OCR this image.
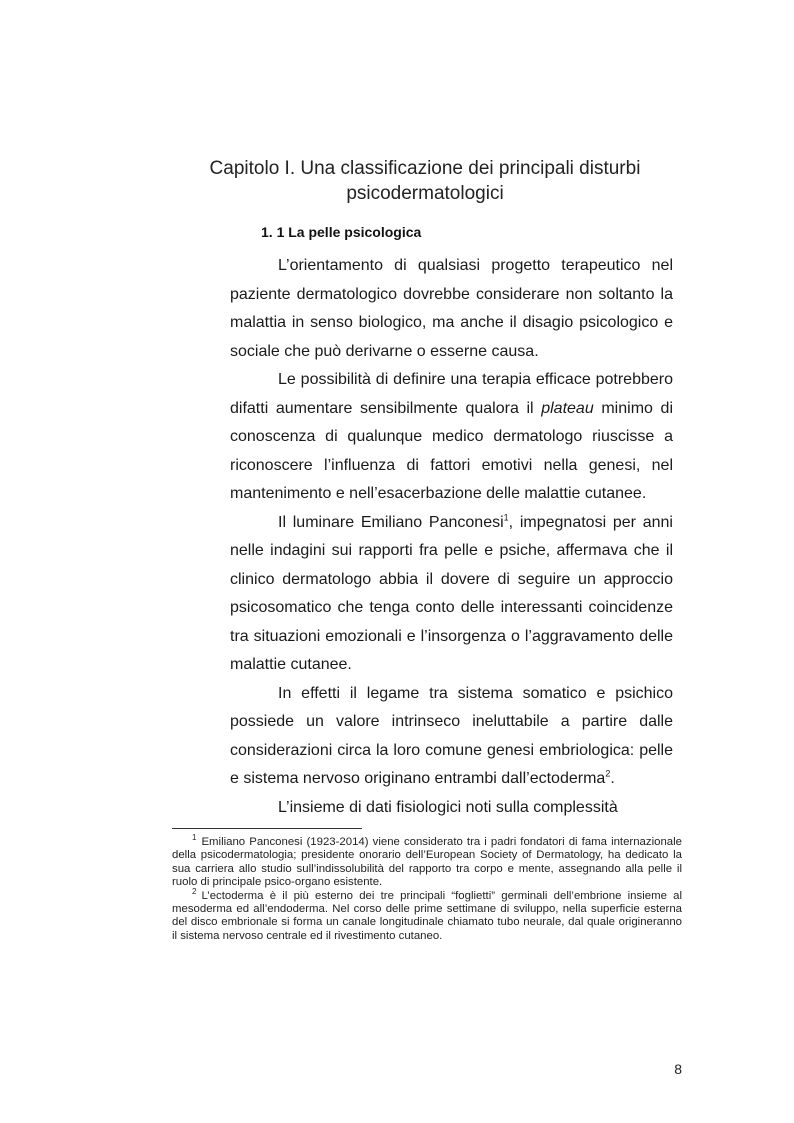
Capitolo I. Una classificazione dei principali disturbi
psicodermatologici
1. 1 La pelle psicologica

L’orientamento di qualsiasi progetto terapeutico nel paziente dermatologico dovrebbe considerare non soltanto la malattia in senso biologico, ma anche il disagio psicologico e sociale che può derivarne o esserne causa.

Le possibilità di definire una terapia efficace potrebbero difatti aumentare sensibilmente qualora il plateau minimo di conoscenza di qualunque medico dermatologo riuscisse a riconoscere l’influenza di fattori emotivi nella genesi, nel mantenimento e nell’esacerbazione delle malattie cutanee.

Il luminare Emiliano Panconesi$^1$, impegnatosi per anni nelle indagini sui rapporti fra pelle e psiche, affermava che il clinico dermatologo abbia il dovere di seguire un approccio psicosomatico che tenga conto delle interessanti coincidenze tra situazioni emozionali e l’insorgenza o l’aggravamento delle malattie cutanee.

In effetti il legame tra sistema somatico e psichico possiede un valore intrinseco ineluttabile a partire dalle considerazioni circa la loro comune genesi embriologica: pelle e sistema nervoso originano entrambi dall’ectoderma$^2$.

L’insieme di dati fisiologici noti sulla complessità

$^1$ Emiliano Panconesi (1923-2014) viene considerato tra i padri fondatori di fama internazionale della psicodermatologia; presidente onorario dell’European Society of Dermatology, ha dedicato la sua carriera allo studio sull’indissolubilità del rapporto tra corpo e mente, assegnando alla pelle il ruolo di principale psico-organo esistente.

$^2$ L’ectoderma è il più esterno dei tre principali “foglietti” germinali dell’embrione insieme al mesoderma ed all’endoderma. Nel corso delle prime settimane di sviluppo, nella superficie esterna del disco embrionale si forma un canale longitudinale chiamato tubo neurale, dal quale origineranno il sistema nervoso centrale ed il rivestimento cutaneo.

8
